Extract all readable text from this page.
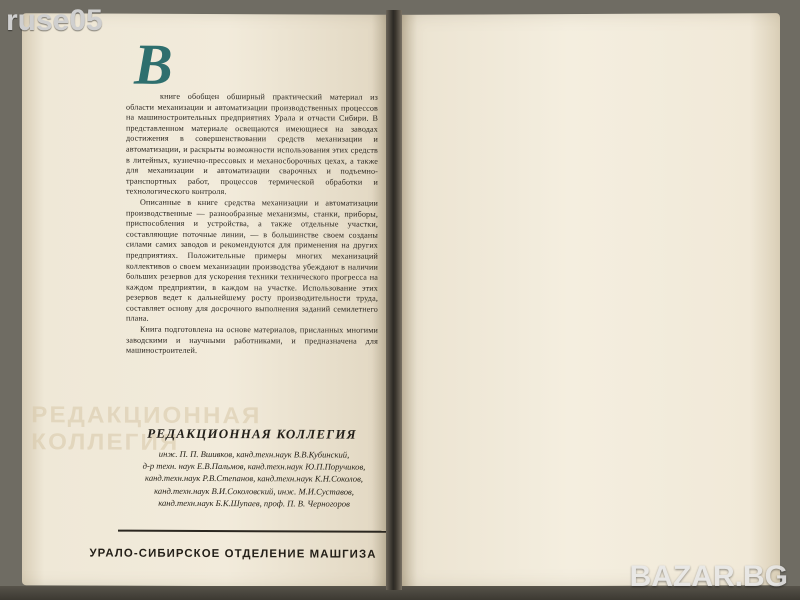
В

книге обобщен обширный практический материал из области механизации и автоматизации производственных процессов на машиностроительных предприятиях Урала и отчасти Сибири. В представленном материале освещаются имеющиеся на заводах достижения в совершенствовании средств механизации и автоматизации, и раскрыты возможности использования этих средств в литейных, кузнечно-прессовых и механосборочных цехах, а также для механизации и автоматизации сварочных и подъемно-транспортных работ, процессов термической обработки и технологического контроля.

Описанные в книге средства механизации и автоматизации производственные — разнообразные механизмы, станки, приборы, приспособления и устройства, а также отдельные участки, составляющие поточные линии, — в большинстве своем созданы силами самих заводов и рекомендуются для применения на других предприятиях. Положительные примеры многих механизаций коллективов о своем механизации производства убеждают в наличии больших резервов для ускорения техники технического прогресса на каждом предприятии, в каждом на участке. Использование этих резервов ведет к дальнейшему росту производительности труда, составляет основу для досрочного выполнения заданий семилетнего плана.

Книга подготовлена на основе материалов, присланных многими заводскими и научными работниками, и предназначена для машиностроителей.

РЕДАКЦИОННАЯ КОЛЛЕГИЯ
РЕДАКЦИОННАЯ КОЛЛЕГИЯ
инж. П. П. Вшивков, канд.техн.наук В.В.Кубинский,
д-р техн. наук Е.В.Пальмов, канд.техн.наук Ю.П.Поручиков,
канд.техн.наук Р.В.Степанов, канд.техн.наук К.Н.Соколов,
канд.техн.наук В.И.Соколовский, инж. М.И.Суставов,
канд.техн.наук Б.К.Шупаев, проф. П. В. Черногоров
УРАЛО-СИБИРСКОЕ ОТДЕЛЕНИЕ МАШГИЗА
ruse05
BAZAR.BG
